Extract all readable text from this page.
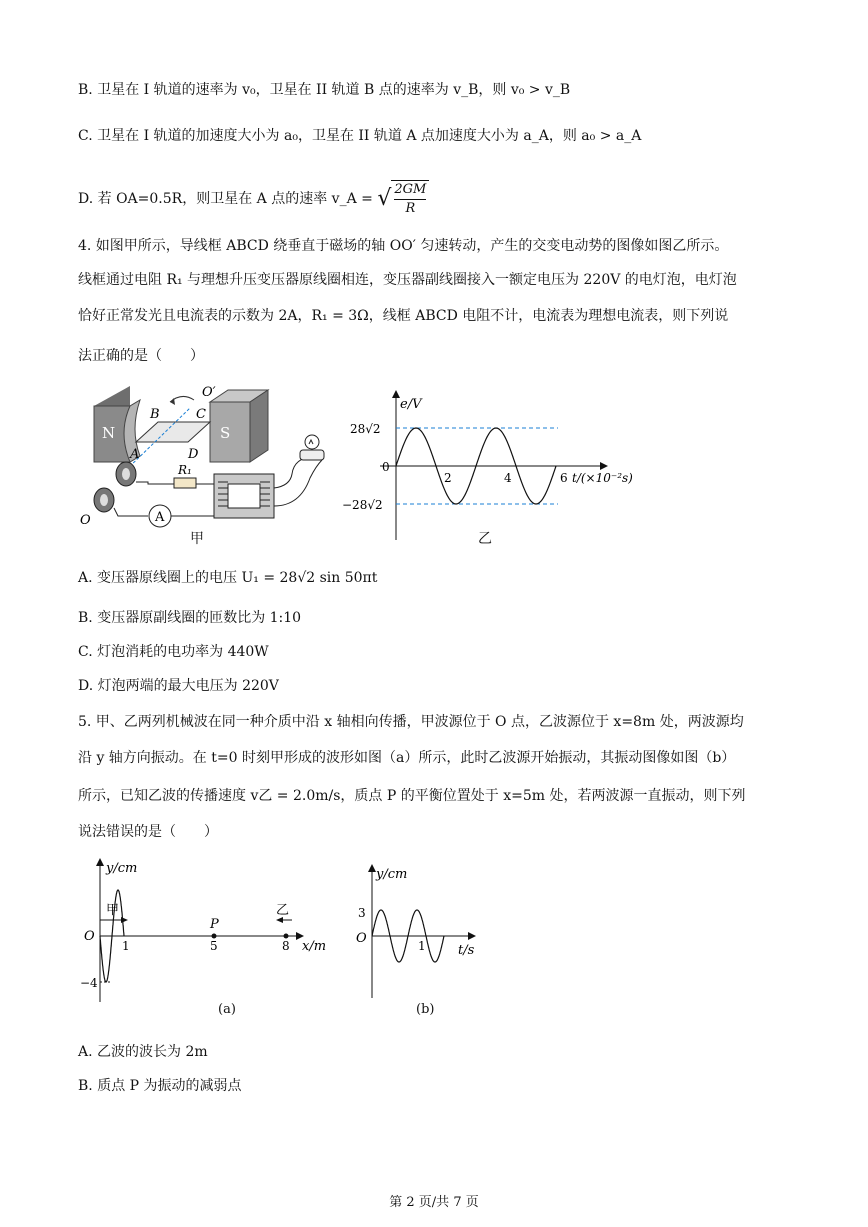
B. 卫星在 I 轨道的速率为 v₀，卫星在 II 轨道 B 点的速率为 v_B，则 v₀ > v_B
C. 卫星在 I 轨道的加速度大小为 a₀，卫星在 II 轨道 A 点加速度大小为 a_A，则 a₀ > a_A
D. 若 OA=0.5R，则卫星在 A 点的速率 v_A = √ $\frac{2GM}{R}$
4. 如图甲所示，导线框 ABCD 绕垂直于磁场的轴 OO′ 匀速转动，产生的交变电动势的图像如图乙所示。
线框通过电阻 R₁ 与理想升压变压器原线圈相连，变压器副线圈接入一额定电压为 220V 的电灯泡，电灯泡
恰好正常发光且电流表的示数为 2A，R₁ = 3Ω，线框 ABCD 电阻不计，电流表为理想电流表，则下列说
法正确的是（　　）
N	S
O′
B	C
A	D
O
R₁
A
甲
e/V
28√2
0
−28√2
2	4	6 t/(×10⁻²s)
乙
A. 变压器原线圈上的电压 U₁ = 28√2 sin 50πt
B. 变压器原副线圈的匝数比为 1:10
C. 灯泡消耗的电功率为 440W
D. 灯泡两端的最大电压为 220V
5. 甲、乙两列机械波在同一种介质中沿 x 轴相向传播，甲波源位于 O 点，乙波源位于 x=8m 处，两波源均
沿 y 轴方向振动。在 t=0 时刻甲形成的波形如图（a）所示，此时乙波源开始振动，其振动图像如图（b）
所示，已知乙波的传播速度 v乙 = 2.0m/s，质点 P 的平衡位置处于 x=5m 处，若两波源一直振动，则下列
说法错误的是（　　）
y/cm
甲	乙
P
O
1	5	8 x/m
−4
(a)
y/cm
3
O	1 t/s
(b)
A. 乙波的波长为 2m
B. 质点 P 为振动的减弱点
第 2 页/共 7 页
